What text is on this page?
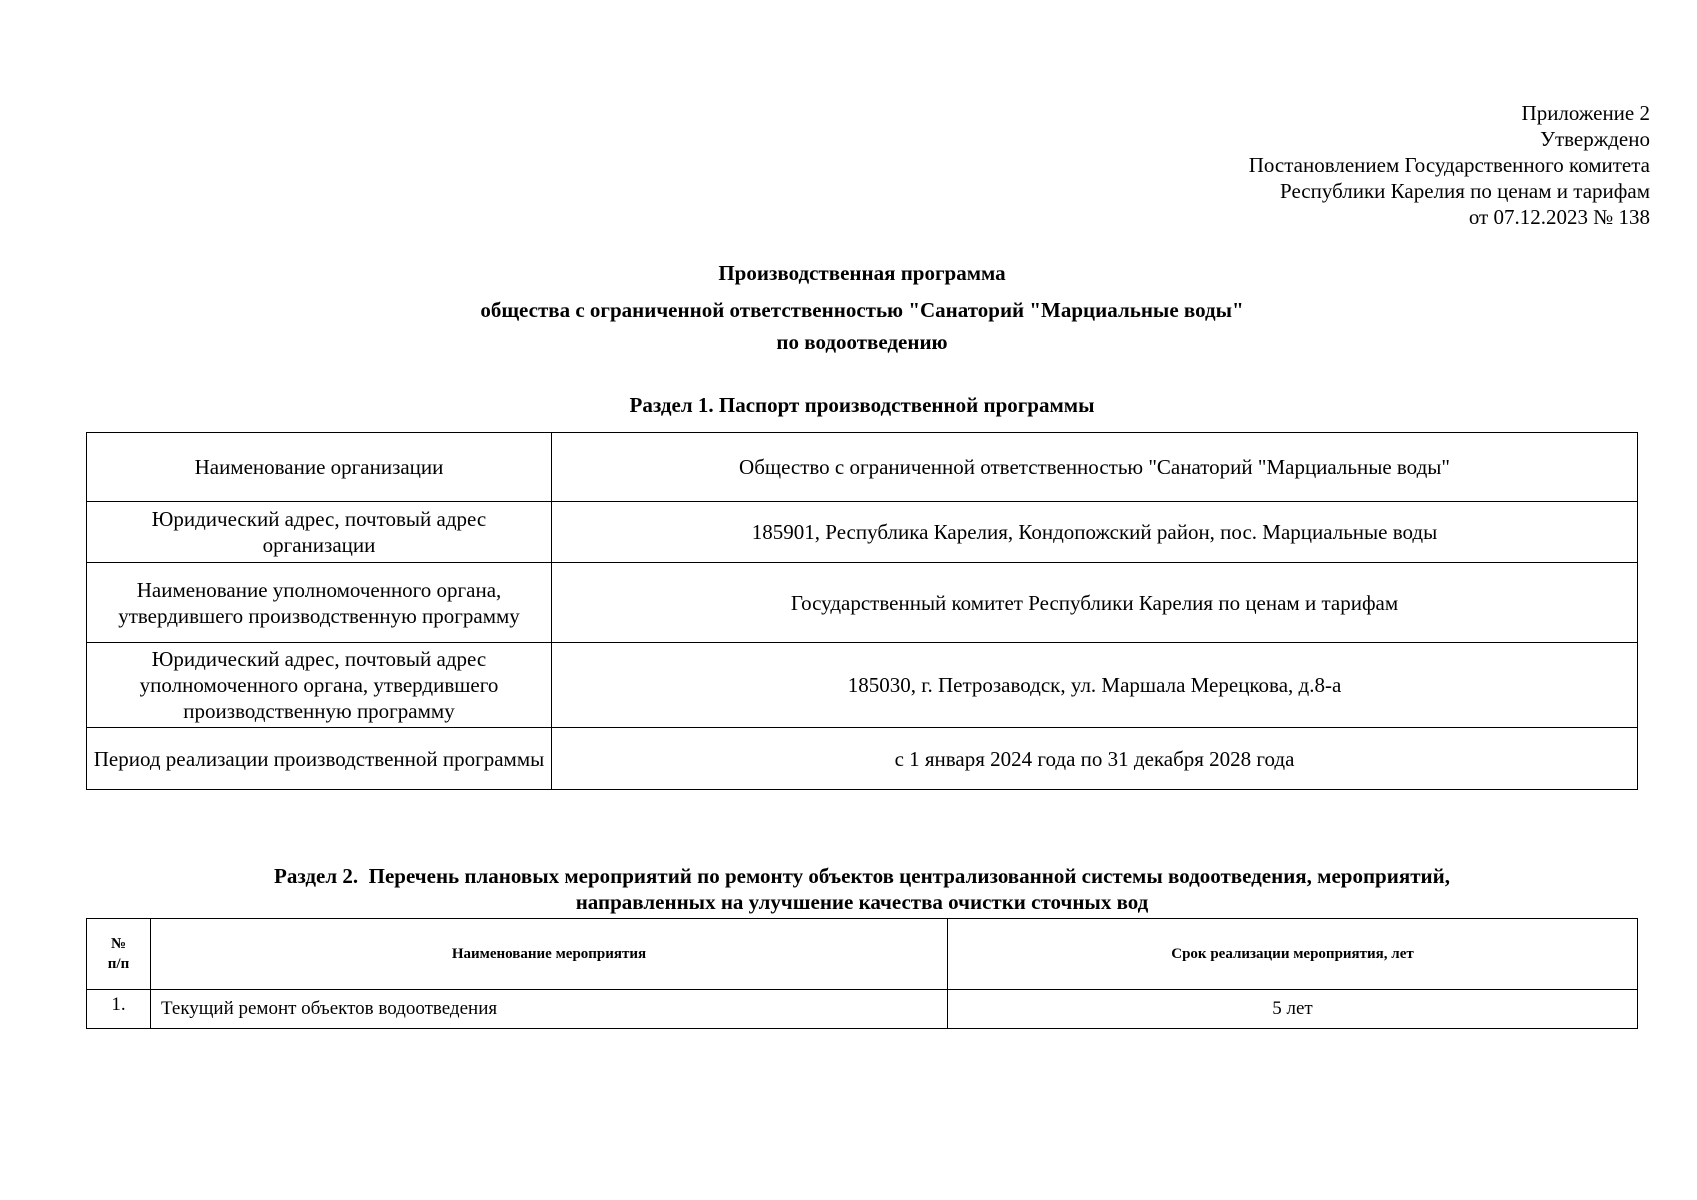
Приложение 2
Утверждено
Постановлением Государственного комитета
Республики Карелия по ценам и тарифам
от 07.12.2023 № 138
Производственная программа
общества с ограниченной ответственностью "Санаторий "Марциальные воды"
по водоотведению
Раздел 1. Паспорт производственной программы
Наименование организации	Общество с ограниченной ответственностью "Санаторий "Марциальные воды"
Юридический адрес, почтовый адрес организации	185901, Республика Карелия, Кондопожский район, пос. Марциальные воды
Наименование уполномоченного органа, утвердившего производственную программу	Государственный комитет Республики Карелия по ценам и тарифам
Юридический адрес, почтовый адрес уполномоченного органа, утвердившего производственную программу	185030, г. Петрозаводск, ул. Маршала Мерецкова, д.8-а
Период реализации производственной программы	с 1 января 2024 года по 31 декабря 2028 года
Раздел 2.  Перечень плановых мероприятий по ремонту объектов централизованной системы водоотведения, мероприятий,
направленных на улучшение качества очистки сточных вод
№
п/п	Наименование мероприятия	Срок реализации мероприятия, лет
1.	Текущий ремонт объектов водоотведения	5 лет
